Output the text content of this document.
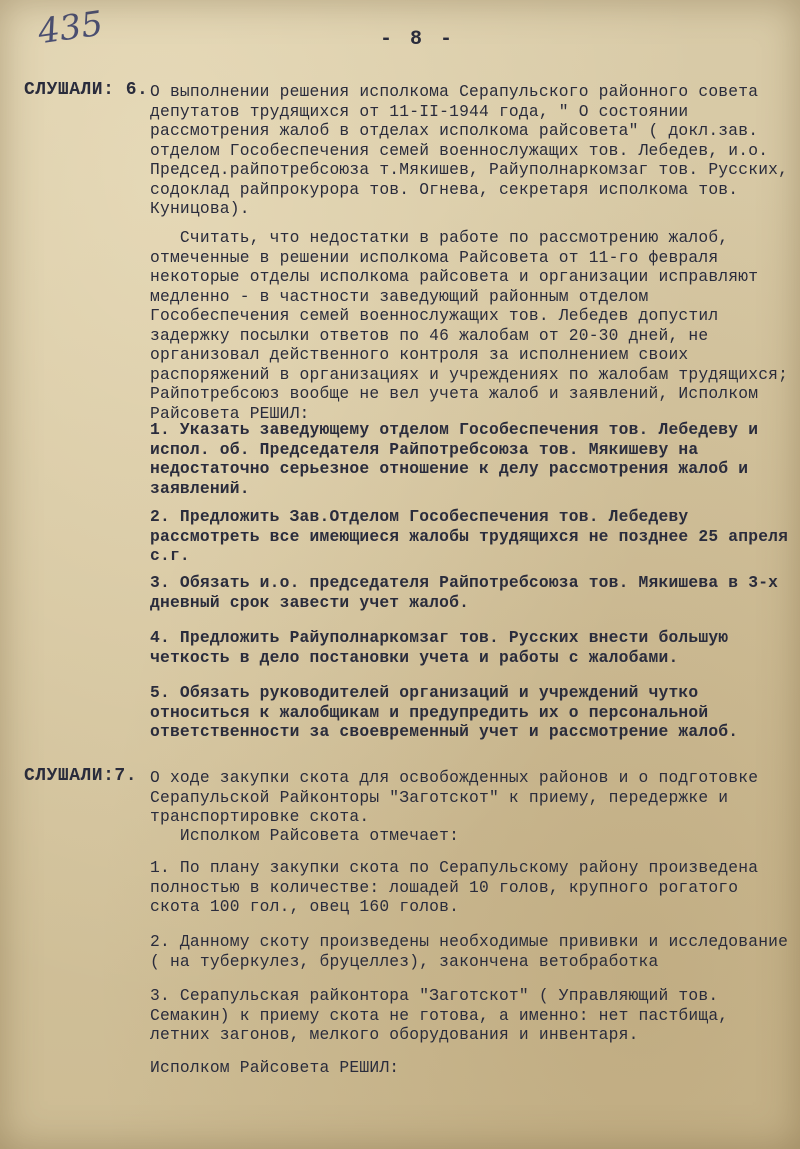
435	- 8 -
СЛУШАЛИ: 6. О выполнении решения исполкома Серапульского районного совета депутатов трудящихся от 11-II-1944 года, " О состоянии рассмотрения жалоб в отделах исполкома райсовета" ( докл.зав. отделом Гособеспечения семей военнослужащих тов. Лебедев, и.о. Председ.райпотребсоюза т.Мякишев, Райуполнаркомзаг тов. Русских, содоклад райпрокурора тов. Огнева, секретаря исполкома тов. Куницова).
Считать, что недостатки в работе по рассмотрению жалоб, отмеченные в решении исполкома Райсовета от 11-го февраля некоторые отделы исполкома райсовета и организации исправляют медленно - в частности заведующий районным отделом Гособеспечения семей военнослужащих тов. Лебедев допустил задержку посылки ответов по 46 жалобам от 20-30 дней, не организовал действенного контроля за исполнением своих распоряжений в организациях и учреждениях по жалобам трудящихся; Райпотребсоюз вообще не вел учета жалоб и заявлений, Исполком Райсовета РЕШИЛ:
1. Указать заведующему отделом Гособеспечения тов. Лебедеву и испол. об. Председателя Райпотребсоюза тов. Мякишеву на недостаточно серьезное отношение к делу рассмотрения жалоб и заявлений.
2. Предложить Зав.Отделом Гособеспечения тов. Лебедеву рассмотреть все имеющиеся жалобы трудящихся не позднее 25 апреля с.г.
3. Обязать и.о. председателя Райпотребсоюза тов. Мякишева в 3-х дневный срок завести учет жалоб.
4. Предложить Райуполнаркомзаг тов. Русских внести большую четкость в дело постановки учета и работы с жалобами.
5. Обязать руководителей организаций и учреждений чутко относиться к жалобщикам и предупредить их о персональной ответственности за своевременный учет и рассмотрение жалоб.
СЛУШАЛИ:7. О ходе закупки скота для освобожденных районов и о подготовке Серапульской Райконторы "Заготскот" к приему, передержке и транспортировке скота.
Исполком Райсовета отмечает:
1. По плану закупки скота по Серапульскому району произведена полностью в количестве: лошадей 10 голов, крупного рогатого скота 100 гол., овец 160 голов.
2. Данному скоту произведены необходимые прививки и исследование ( на туберкулез, бруцеллез), закончена ветобработка
3. Серапульская райконтора "Заготскот" ( Управляющий тов. Семакин) к приему скота не готова, а именно: нет пастбища, летних загонов, мелкого оборудования и инвентаря.
Исполком Райсовета РЕШИЛ:
